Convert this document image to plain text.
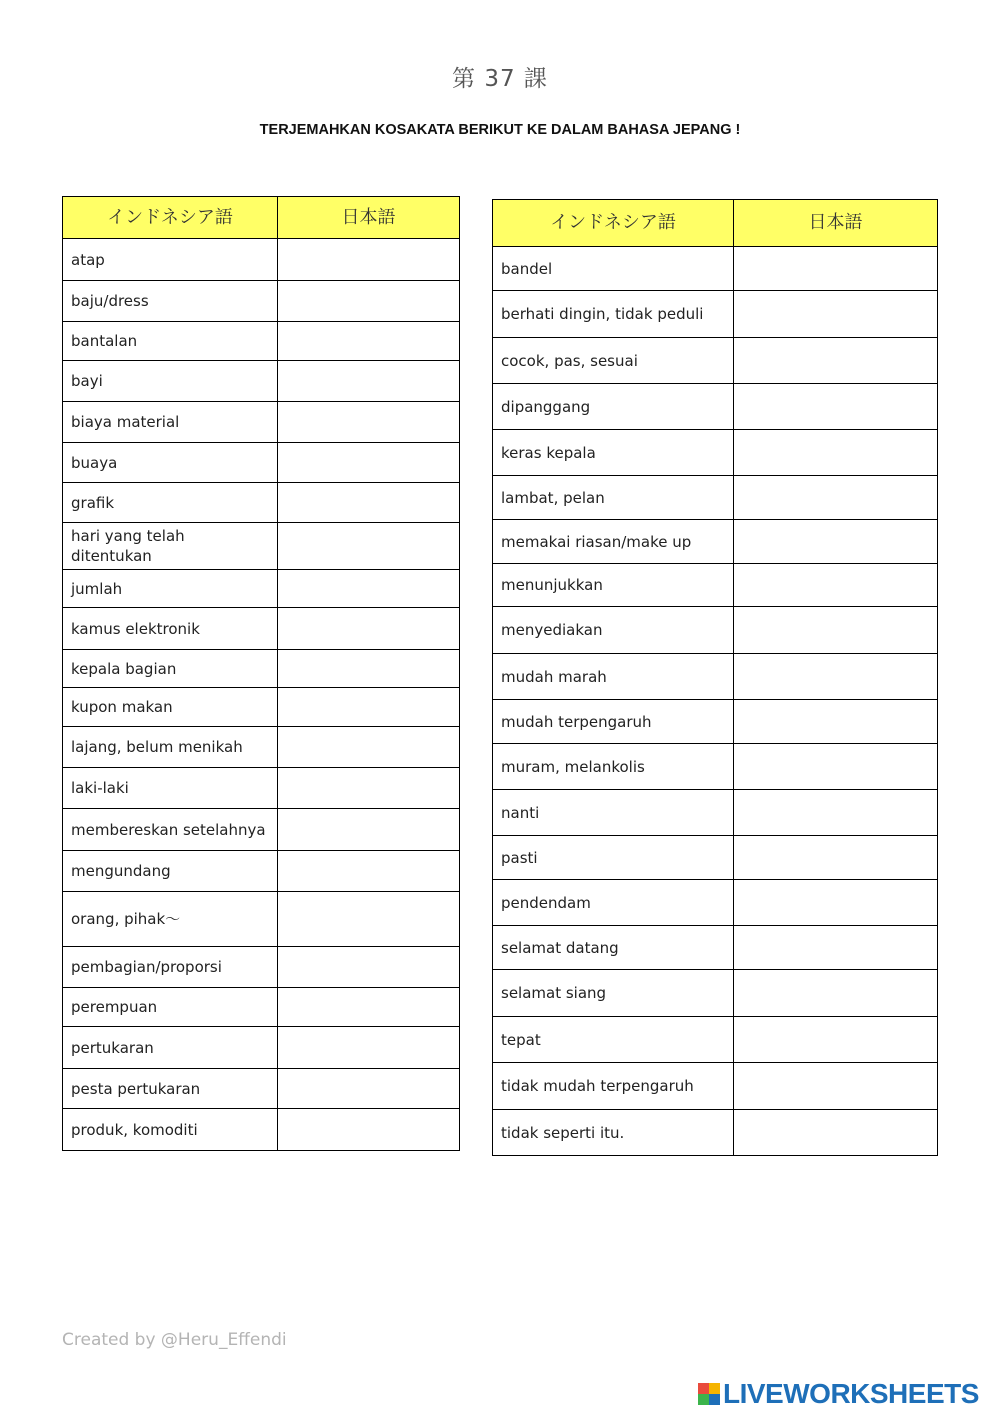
第 37 課
TERJEMAHKAN KOSAKATA BERIKUT KE DALAM BAHASA JEPANG !
インドネシア語	日本語
atap	
baju/dress	
bantalan	
bayi	
biaya material	
buaya	
grafik	
hari yang telah ditentukan	
jumlah	
kamus elektronik	
kepala bagian	
kupon makan	
lajang, belum menikah	
laki-laki	
membereskan setelahnya	
mengundang	
orang, pihak〜	
pembagian/proporsi	
perempuan	
pertukaran	
pesta pertukaran	
produk, komoditi	
インドネシア語	日本語
bandel	
berhati dingin, tidak peduli	
cocok, pas, sesuai	
dipanggang	
keras kepala	
lambat, pelan	
memakai riasan/make up	
menunjukkan	
menyediakan	
mudah marah	
mudah terpengaruh	
muram, melankolis	
nanti	
pasti	
pendendam	
selamat datang	
selamat siang	
tepat	
tidak mudah terpengaruh	
tidak seperti itu.	
Created by @Heru_Effendi
LIVEWORKSHEETS
